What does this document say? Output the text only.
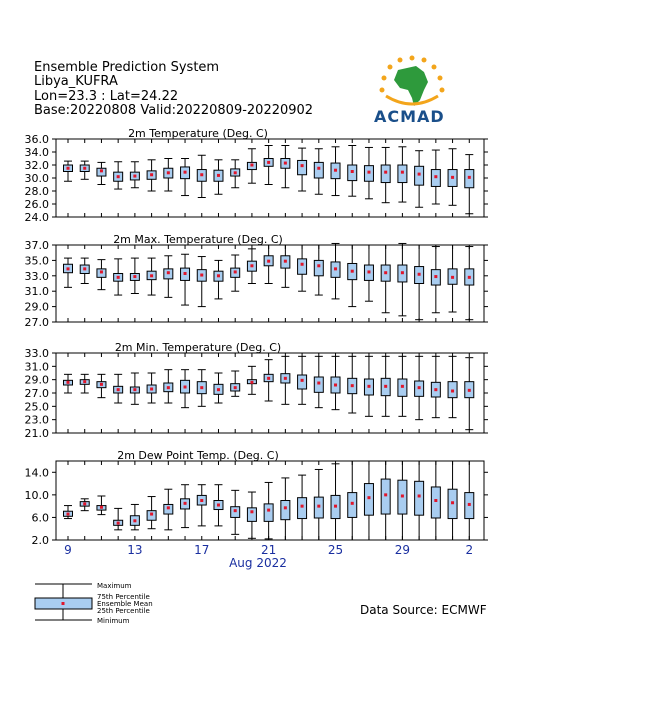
Ensemble Prediction System
Libya_KUFRA
Lon=23.3 : Lat=24.22
Base:20220808 Valid:20220809-20220902	ACMAD
2m Temperature (Deg. C)
36.0
34.0
32.0
30.0
28.0
26.0
24.0
2m Max. Temperature (Deg. C)
37.0
35.0
33.0
31.0
29.0
27.0
2m Min. Temperature (Deg. C)
33.0
31.0
29.0
27.0
25.0
23.0
21.0
2m Dew Point Temp. (Deg. C)
14.0
10.0
6.0
2.0
9	13	17	21	25	29	2
Aug 2022
Maximum
75th Percentile
Ensemble Mean
25th Percentile
Minimum
Data Source: ECMWF
